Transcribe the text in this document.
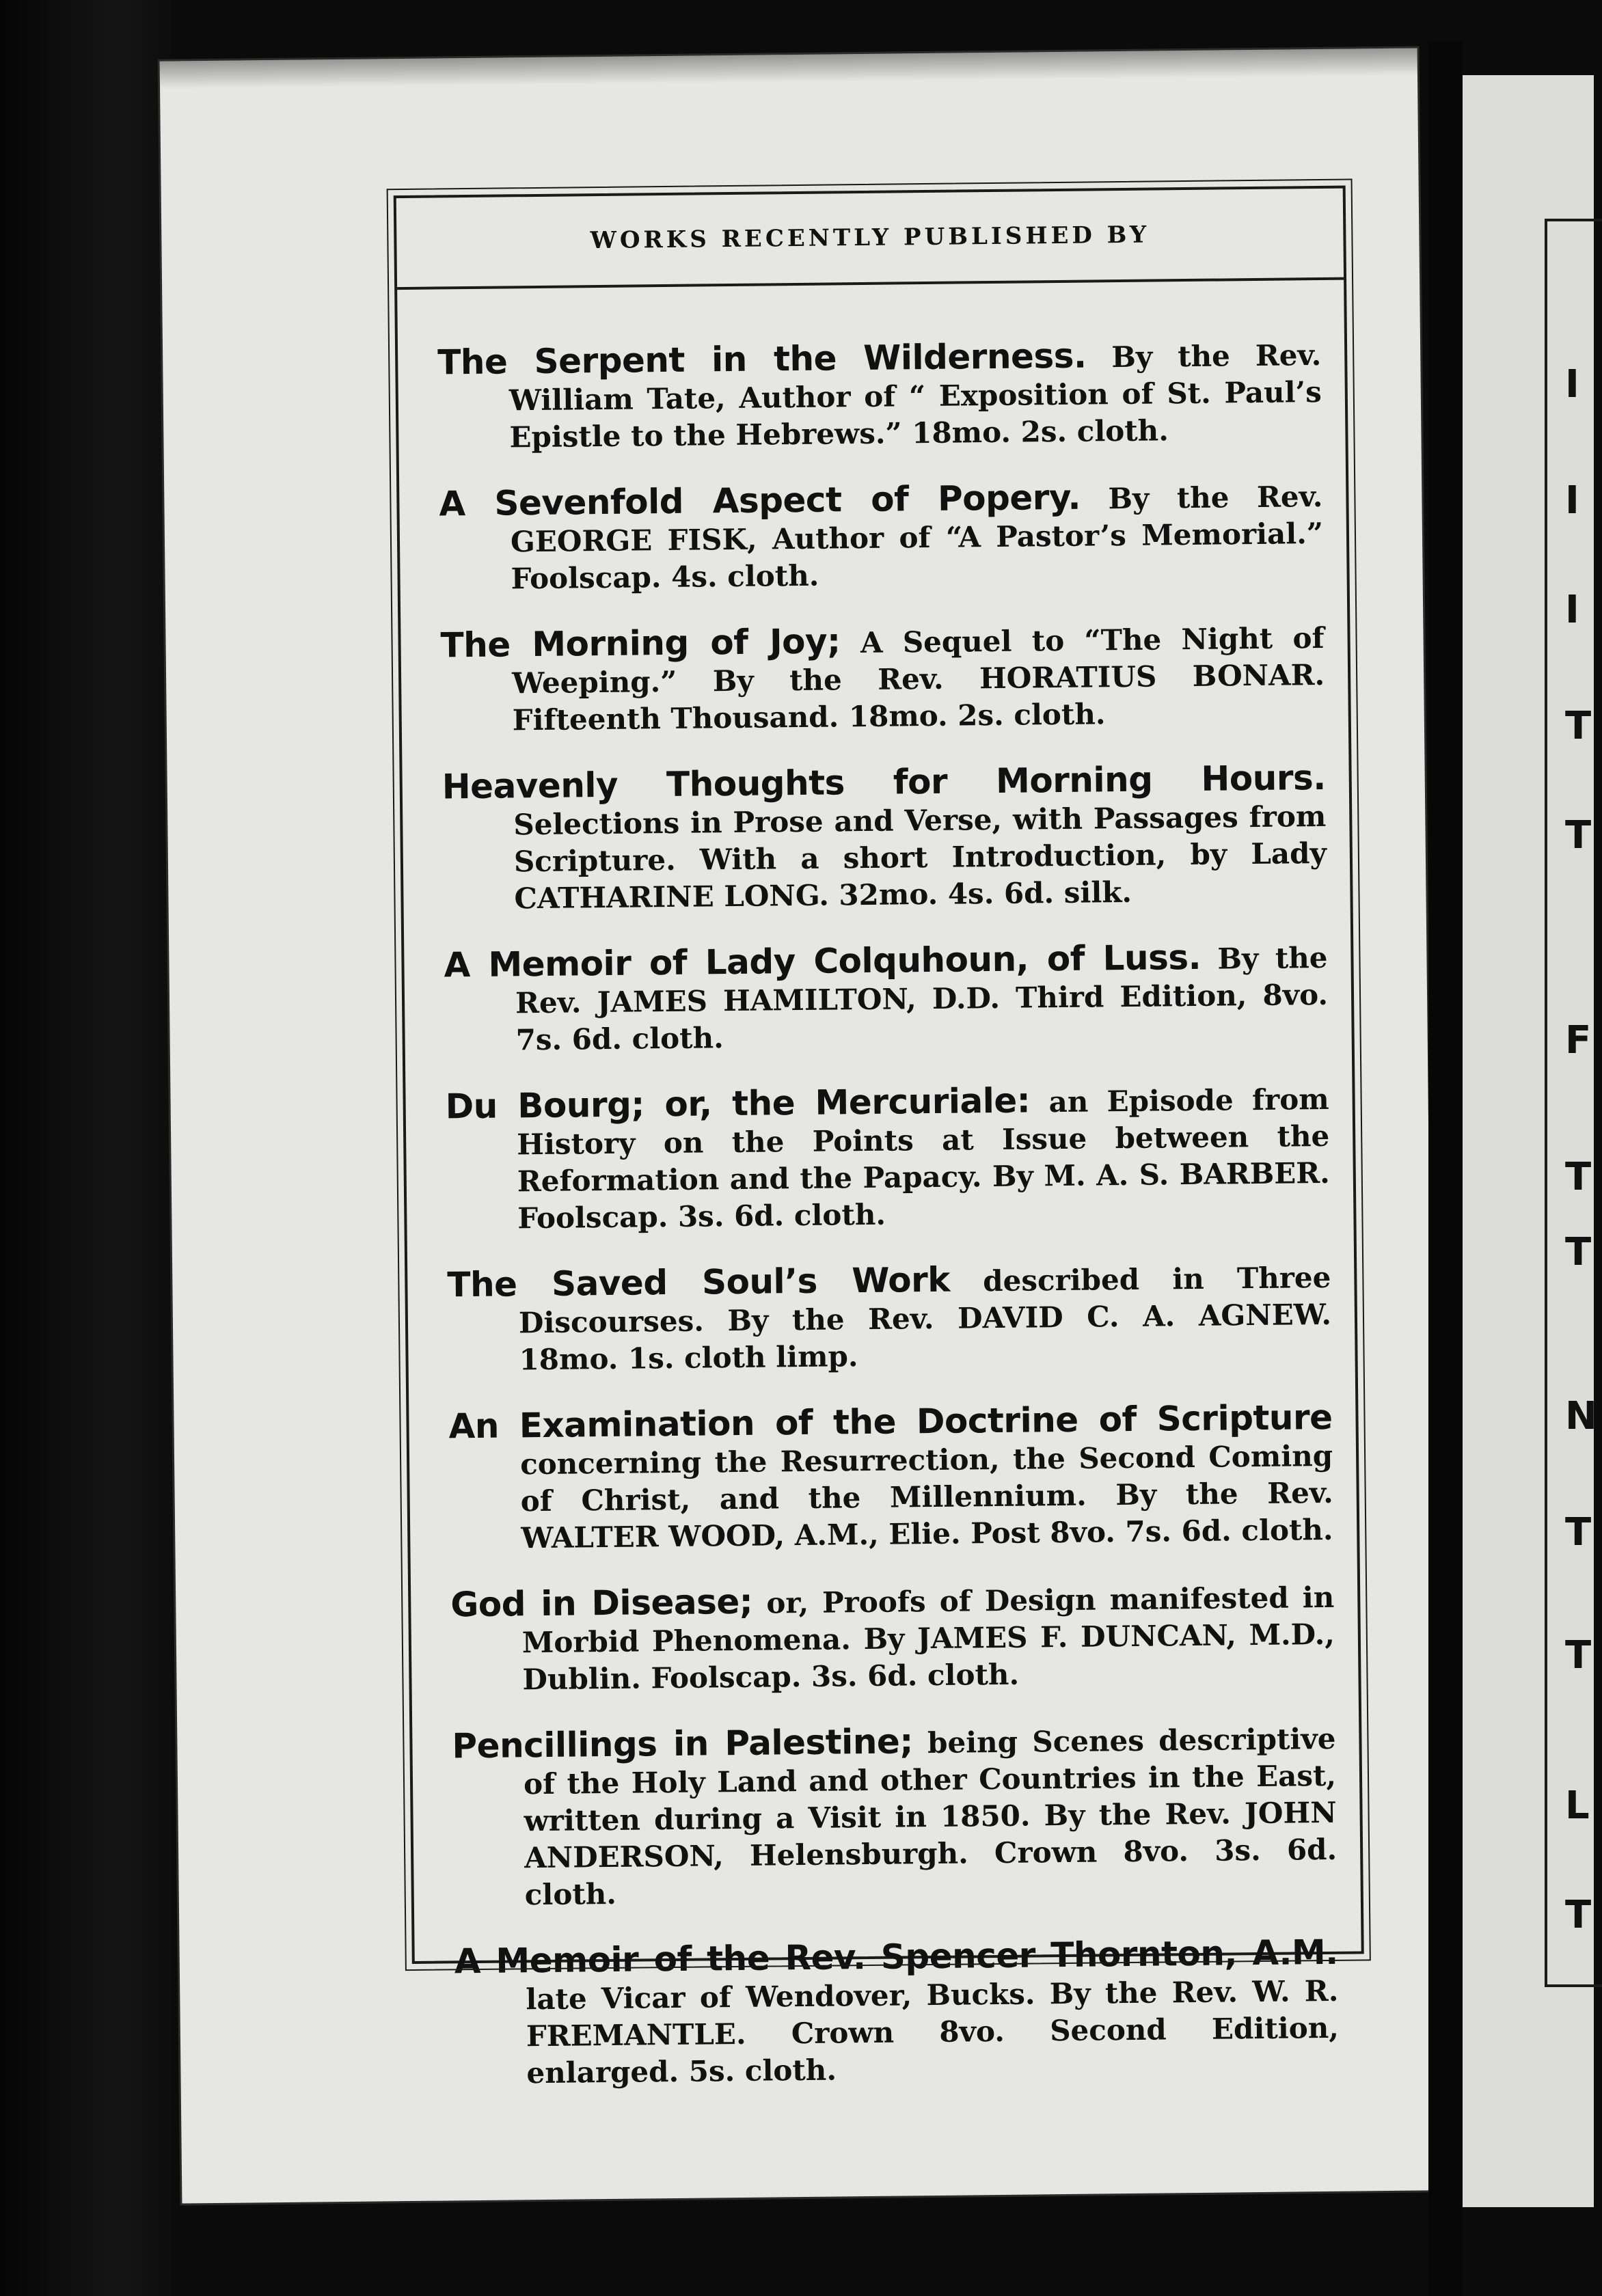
WORKS RECENTLY PUBLISHED BY

The Serpent in the Wilderness. By the Rev. William Tate, Author of “ Exposition of St. Paul’s Epistle to the Hebrews.” 18mo. 2s. cloth.

A Sevenfold Aspect of Popery. By the Rev. GEORGE FISK, Author of “A Pastor’s Memorial.” Foolscap. 4s. cloth.

The Morning of Joy; A Sequel to “The Night of Weeping.” By the Rev. HORATIUS BONAR. Fifteenth Thousand. 18mo. 2s. cloth.

Heavenly Thoughts for Morning Hours. Selections in Prose and Verse, with Passages from Scripture. With a short Introduction, by Lady CATHARINE LONG. 32mo. 4s. 6d. silk.

A Memoir of Lady Colquhoun, of Luss. By the Rev. JAMES HAMILTON, D.D. Third Edition, 8vo. 7s. 6d. cloth.

Du Bourg; or, the Mercuriale: an Episode from History on the Points at Issue between the Reformation and the Papacy. By M. A. S. BARBER. Foolscap. 3s. 6d. cloth.

The Saved Soul’s Work described in Three Discourses. By the Rev. DAVID C. A. AGNEW. 18mo. 1s. cloth limp.

An Examination of the Doctrine of Scripture concerning the Resurrection, the Second Coming of Christ, and the Millennium. By the Rev. WALTER WOOD, A.M., Elie. Post 8vo. 7s. 6d. cloth.

God in Disease; or, Proofs of Design manifested in Morbid Phenomena. By JAMES F. DUNCAN, M.D., Dublin. Foolscap. 3s. 6d. cloth.

Pencillings in Palestine; being Scenes descriptive of the Holy Land and other Countries in the East, written during a Visit in 1850. By the Rev. JOHN ANDERSON, Helensburgh. Crown 8vo. 3s. 6d. cloth.

A Memoir of the Rev. Spencer Thornton, A.M. late Vicar of Wendover, Bucks. By the Rev. W. R. FREMANTLE. Crown 8vo. Second Edition, enlarged. 5s. cloth.

I
I
I
T
T
F
T
T
N
T
T
L
T
